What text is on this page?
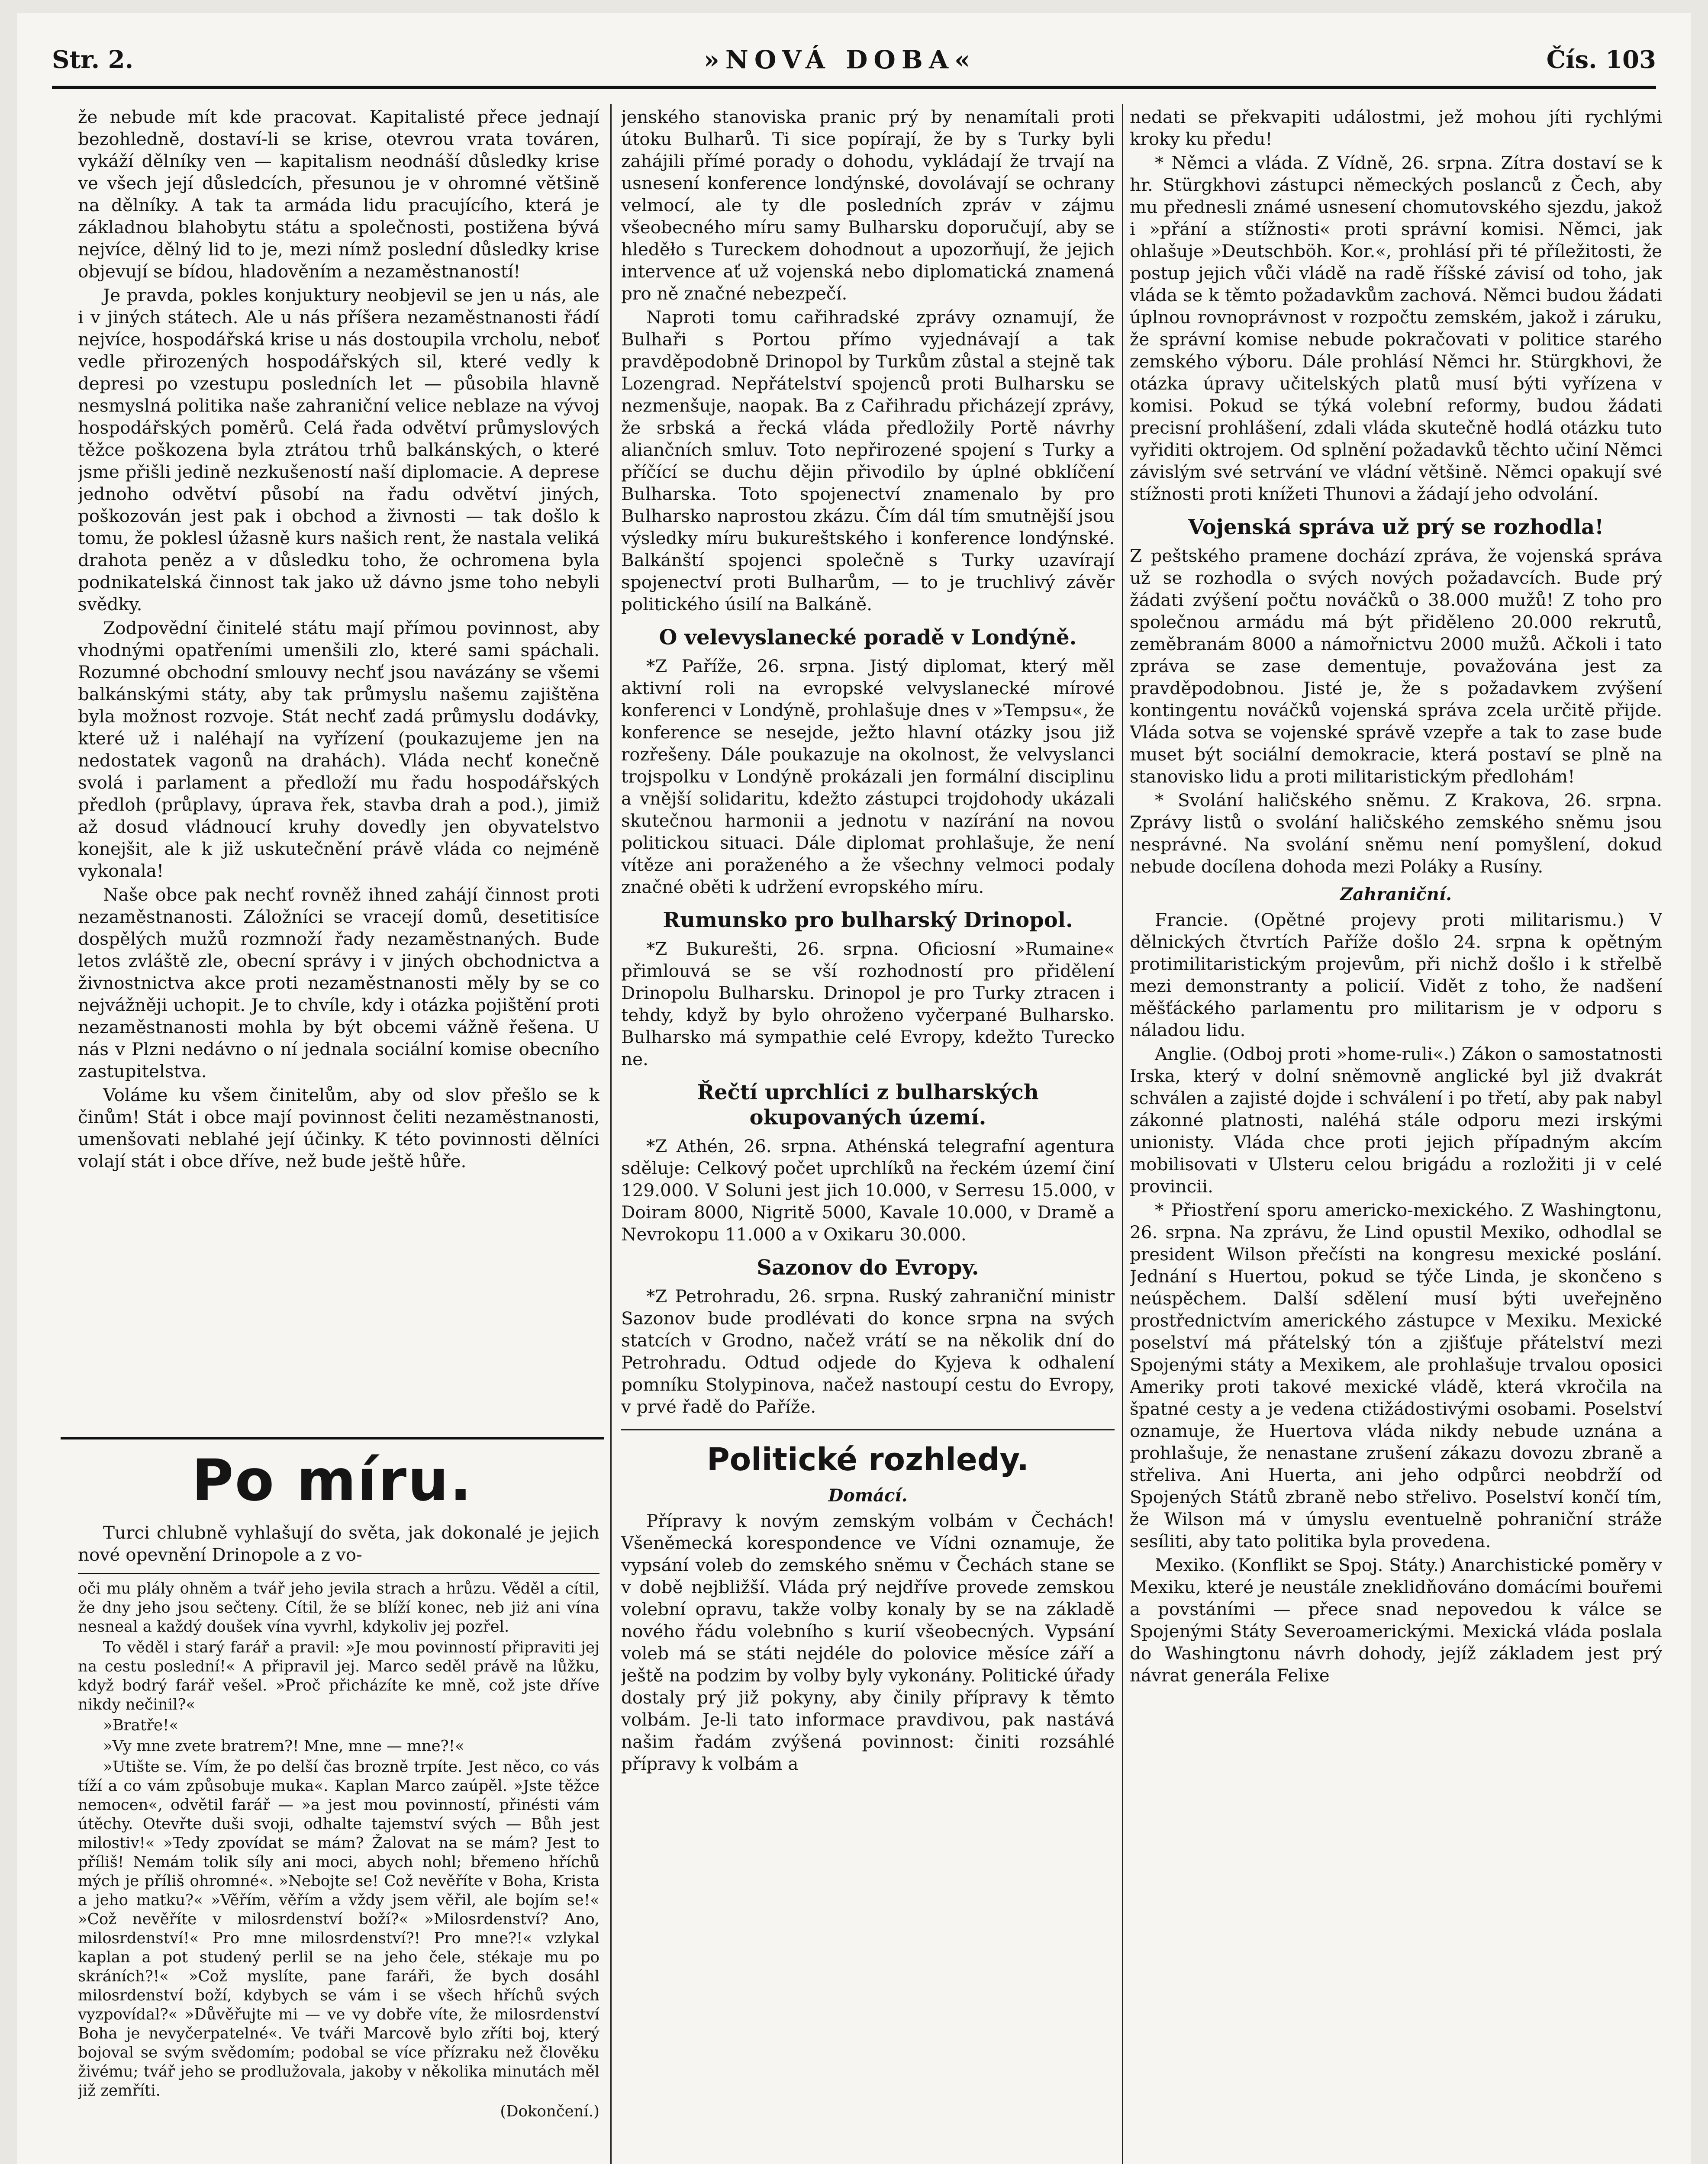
Str. 2.	»NOVÁ DOBA«	Čís. 103

že nebude mít kde pracovat. Kapitalisté přece jednají bezohledně, dostaví-li se krise, otevrou vrata továren, vykáží dělníky ven — kapitalism neodnáší důsledky krise ve všech její důsledcích, přesunou je v ohromné většině na dělníky. A tak ta armáda lidu pracujícího, která je základnou blahobytu státu a společnosti, postižena bývá nejvíce, dělný lid to je, mezi nímž poslední důsledky krise objevují se bídou, hladověním a nezaměstnaností!

Je pravda, pokles konjuktury neobjevil se jen u nás, ale i v jiných státech. Ale u nás příšera nezaměstnanosti řádí nejvíce, hospodářská krise u nás dostoupila vrcholu, neboť vedle přirozených hospodářských sil, které vedly k depresi po vzestupu posledních let — působila hlavně nesmyslná politika naše zahraniční velice neblaze na vývoj hospodářských poměrů. Celá řada odvětví průmyslových těžce poškozena byla ztrátou trhů balkánských, o které jsme přišli jedině nezkušeností naší diplomacie. A deprese jednoho odvětví působí na řadu odvětví jiných, poškozován jest pak i obchod a živnosti — tak došlo k tomu, že poklesl úžasně kurs našich rent, že nastala veliká drahota peněz a v důsledku toho, že ochromena byla podnikatelská činnost tak jako už dávno jsme toho nebyli svědky.

Zodpovědní činitelé státu mají přímou povinnost, aby vhodnými opatřeními umenšili zlo, které sami spáchali. Rozumné obchodní smlouvy nechť jsou navázány se všemi balkánskými státy, aby tak průmyslu našemu zajištěna byla možnost rozvoje. Stát nechť zadá průmyslu dodávky, které už i naléhají na vyřízení (poukazujeme jen na nedostatek vagonů na drahách). Vláda nechť konečně svolá i parlament a předloží mu řadu hospodářských předloh (průplavy, úprava řek, stavba drah a pod.), jimiž až dosud vládnoucí kruhy dovedly jen obyvatelstvo konejšit, ale k již uskutečnění právě vláda co nejméně vykonala!

Naše obce pak nechť rovněž ihned zahájí činnost proti nezaměstnanosti. Záložníci se vracejí domů, desetitisíce dospělých mužů rozmnoží řady nezaměstnaných. Bude letos zvláště zle, obecní správy i v jiných obchodnictva a živnostnictva akce proti nezaměstnanosti měly by se co nejvážněji uchopit. Je to chvíle, kdy i otázka pojištění proti nezaměstnanosti mohla by být obcemi vážně řešena. U nás v Plzni nedávno o ní jednala sociální komise obecního zastupitelstva.

Voláme ku všem činitelům, aby od slov přešlo se k činům! Stát i obce mají povinnost čeliti nezaměstnanosti, umenšovati neblahé její účinky. K této povinnosti dělníci volají stát i obce dříve, než bude ještě hůře.

Po míru.

Turci chlubně vyhlašují do světa, jak dokonalé je jejich nové opevnění Drinopole a z vo-

oči mu plály ohněm a tvář jeho jevila strach a hrůzu. Věděl a cítil, že dny jeho jsou sečteny. Cítil, že se blíží konec, neb jiż ani vína nesneal a každý doušek vína vyvrhl, kdykoliv jej pozřel.

To věděl i starý farář a pravil: »Je mou povinností připraviti jej na cestu poslední!« A připravil jej. Marco seděl právě na lůžku, když bodrý farář vešel. »Proč přicházíte ke mně, což jste dříve nikdy nečinil?«

»Bratře!«

»Vy mne zvete bratrem?! Mne, mne — mne?!«

»Utište se. Vím, že po delší čas brozně trpíte. Jest něco, co vás tíží a co vám způsobuje muka«. Kaplan Marco zaúpěl. »Jste těžce nemocen«, odvětil farář — »a jest mou povinností, přinésti vám útěchy. Otevřte duši svoji, odhalte tajemství svých — Bůh jest milostiv!« »Tedy zpovídat se mám? Žalovat na se mám? Jest to příliš! Nemám tolik síly ani moci, abych nohl; břemeno hříchů mých je příliš ohromné«. »Nebojte se! Což nevěříte v Boha, Krista a jeho matku?« »Věřím, věřím a vždy jsem věřil, ale bojím se!« »Což nevěříte v milosrdenství boží?« »Milosrdenství? Ano, milosrdenství!« Pro mne milosrdenství?! Pro mne?!« vzlykal kaplan a pot studený perlil se na jeho čele, stékaje mu po skráních?!« »Což myslíte, pane faráři, že bych dosáhl milosrdenství boží, kdybych se vám i se všech hříchů svých vyzpovídal?« »Důvěřujte mi — ve vy dobře víte, že milosrdenství Boha je nevyčerpatelné«. Ve tváři Marcově bylo zříti boj, který bojoval se svým svědomím; podobal se více přízraku než člověku živému; tvář jeho se prodlužovala, jakoby v několika minutách měl již zemříti.

(Dokončení.)

jenského stanoviska pranic prý by nenamítali proti útoku Bulharů. Ti sice popírají, že by s Turky byli zahájili přímé porady o dohodu, vykládají že trvají na usnesení konference londýnské, dovolávají se ochrany velmocí, ale ty dle posledních zpráv v zájmu všeobecného míru samy Bulharsku doporučují, aby se hleděło s Tureckem dohodnout a upozorňují, že jejich intervence ať už vojenská nebo diplomatická znamená pro ně značné nebezpečí.

Naproti tomu cařihradské zprávy oznamují, že Bulhaři s Portou přímo vyjednávají a tak pravděpodobně Drinopol by Turkům zůstal a stejně tak Lozengrad. Nepřátelství spojenců proti Bulharsku se nezmenšuje, naopak. Ba z Cařihradu přicházejí zprávy, že srbská a řecká vláda předložily Portě návrhy aliančních smluv. Toto nepřirozené spojení s Turky a příčící se duchu dějin přivodilo by úplné obklíčení Bulharska. Toto spojenectví znamenalo by pro Bulharsko naprostou zkázu. Čím dál tím smutnější jsou výsledky míru bukureštského i konference londýnské. Balkánští spojenci společně s Turky uzavírají spojenectví proti Bulharům, — to je truchlivý závěr politického úsilí na Balkáně.

O velevyslanecké poradě v Londýně.

*Z Paříže, 26. srpna. Jistý diplomat, který měl aktivní roli na evropské velvyslanecké mírové konferenci v Londýně, prohlašuje dnes v »Tempsu«, že konference se nesejde, ježto hlavní otázky jsou již rozřešeny. Dále poukazuje na okolnost, že velvyslanci trojspolku v Londýně prokázali jen formální disciplinu a vnější solidaritu, kdežto zástupci trojdohody ukázali skutečnou harmonii a jednotu v nazírání na novou politickou situaci. Dále diplomat prohlašuje, že není vítěze ani poraženého a že všechny velmoci podaly značné oběti k udržení evropského míru.

Rumunsko pro bulharský Drinopol.

*Z Bukurešti, 26. srpna. Oficiosní »Rumaine« přimlouvá se se vší rozhodností pro přidělení Drinopolu Bulharsku. Drinopol je pro Turky ztracen i tehdy, když by bylo ohroženo vyčerpané Bulharsko. Bulharsko má sympathie celé Evropy, kdežto Turecko ne.

Řečtí uprchlíci z bulharských okupovaných území.

*Z Athén, 26. srpna. Athénská telegrafní agentura sděluje: Celkový počet uprchlíků na řeckém území činí 129.000. V Soluni jest jich 10.000, v Serresu 15.000, v Doiram 8000, Nigritě 5000, Kavale 10.000, v Dramě a Nevrokopu 11.000 a v Oxikaru 30.000.

Sazonov do Evropy.

*Z Petrohradu, 26. srpna. Ruský zahraniční ministr Sazonov bude prodlévati do konce srpna na svých statcích v Grodno, načež vrátí se na několik dní do Petrohradu. Odtud odjede do Kyjeva k odhalení pomníku Stolypinova, načež nastoupí cestu do Evropy, v prvé řadě do Paříže.

Politické rozhledy.
Domácí.

Přípravy k novým zemským volbám v Čechách! Všeněmecká korespondence ve Vídni oznamuje, že vypsání voleb do zemského sněmu v Čechách stane se v době nejbližší. Vláda prý nejdříve provede zemskou volební opravu, takže volby konaly by se na základě nového řádu volebního s kurií všeobecných. Vypsání voleb má se státi nejdéle do polovice měsíce září a ještě na podzim by volby byly vykonány. Politické úřady dostaly prý již pokyny, aby činily přípravy k těmto volbám. Je-li tato informace pravdivou, pak nastává našim řadám zvýšená povinnost: činiti rozsáhlé přípravy k volbám a

nedati se překvapiti událostmi, jež mohou jíti rychlými kroky ku předu!

* Němci a vláda. Z Vídně, 26. srpna. Zítra dostaví se k hr. Stürgkhovi zástupci německých poslanců z Čech, aby mu přednesli známé usnesení chomutovského sjezdu, jakož i »přání a stížnosti« proti správní komisi. Němci, jak ohlašuje »Deutschböh. Kor.«, prohlásí při té příležitosti, že postup jejich vůči vládě na radě říšské závisí od toho, jak vláda se k těmto požadavkům zachová. Němci budou žádati úplnou rovnoprávnost v rozpočtu zemském, jakož i záruku, že správní komise nebude pokračovati v politice starého zemského výboru. Dále prohlásí Němci hr. Stürgkhovi, že otázka úpravy učitelských platů musí býti vyřízena v komisi. Pokud se týká volební reformy, budou žádati precisní prohlášení, zdali vláda skutečně hodlá otázku tuto vyřiditi oktrojem. Od splnění požadavků těchto učiní Němci závislým své setrvání ve vládní většině. Němci opakují své stížnosti proti knížeti Thunovi a žádají jeho odvolání.

Vojenská správa už prý se rozhodla!

Z peštského pramene dochází zpráva, že vojenská správa už se rozhodla o svých nových požadavcích. Bude prý žádati zvýšení počtu nováčků o 38.000 mužů! Z toho pro společnou armádu má být přiděleno 20.000 rekrutů, zeměbranám 8000 a námořnictvu 2000 mužů. Ačkoli i tato zpráva se zase dementuje, považována jest za pravděpodobnou. Jisté je, že s požadavkem zvýšení kontingentu nováčků vojenská správa zcela určitě přijde. Vláda sotva se vojenské správě vzepře a tak to zase bude muset být sociální demokracie, která postaví se plně na stanovisko lidu a proti militaristickým předlohám!

* Svolání haličského sněmu. Z Krakova, 26. srpna. Zprávy listů o svolání haličského zemského sněmu jsou nesprávné. Na svolání sněmu není pomyšlení, dokud nebude docílena dohoda mezi Poláky a Rusíny.

Zahraniční.

Francie. (Opětné projevy proti militarismu.) V dělnických čtvrtích Paříže došlo 24. srpna k opětným protimilitaristickým projevům, při nichž došlo i k střelbě mezi demonstranty a policií. Vidět z toho, že nadšení měšťáckého parlamentu pro militarism je v odporu s náladou lidu.

Anglie. (Odboj proti »home-ruli«.) Zákon o samostatnosti Irska, který v dolní sněmovně anglické byl již dvakrát schválen a zajisté dojde i schválení i po třetí, aby pak nabyl zákonné platnosti, naléhá stále odporu mezi irskými unionisty. Vláda chce proti jejich případným akcím mobilisovati v Ulsteru celou brigádu a rozložiti ji v celé provincii.

* Přiostření sporu americko-mexického. Z Washingtonu, 26. srpna. Na zprávu, že Lind opustil Mexiko, odhodlal se president Wilson přečísti na kongresu mexické poslání. Jednání s Huertou, pokud se týče Linda, je skončeno s neúspěchem. Další sdělení musí býti uveřejněno prostřednictvím amerického zástupce v Mexiku. Mexické poselství má přátelský tón a zjišťuje přátelství mezi Spojenými státy a Mexikem, ale prohlašuje trvalou oposici Ameriky proti takové mexické vládě, která vkročila na špatné cesty a je vedena ctižádostivými osobami. Poselství oznamuje, že Huertova vláda nikdy nebude uznána a prohlašuje, že nenastane zrušení zákazu dovozu zbraně a střeliva. Ani Huerta, ani jeho odpůrci neobdrží od Spojených Států zbraně nebo střelivo. Poselství končí tím, že Wilson má v úmyslu eventuelně pohraniční stráže sesíliti, aby tato politika byla provedena.

Mexiko. (Konflikt se Spoj. Státy.) Anarchistické poměry v Mexiku, které je neustále zneklidňováno domácími bouřemi a povstáními — přece snad nepovedou k válce se Spojenými Státy Severoamerickými. Mexická vláda poslala do Washingtonu návrh dohody, jejíž základem jest prý návrat generála Felixe
